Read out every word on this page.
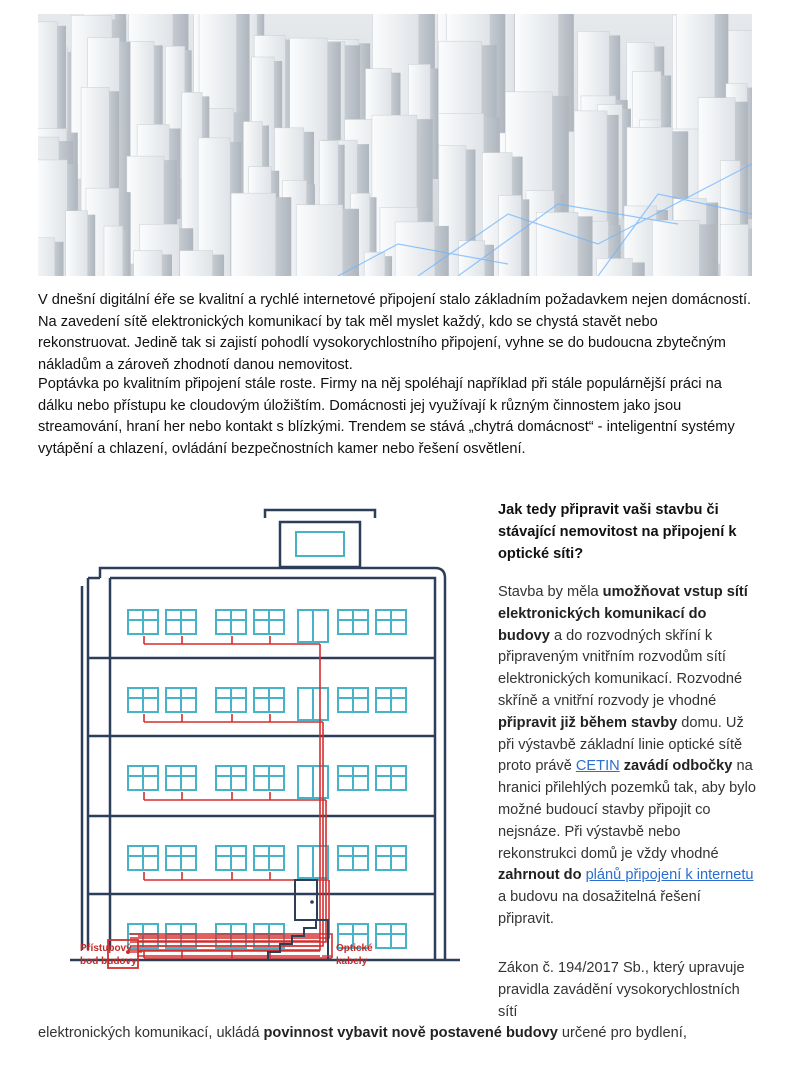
V dnešní digitální éře se kvalitní a rychlé internetové připojení stalo základním požadavkem nejen domácností. Na zavedení sítě elektronických komunikací by tak měl myslet každý, kdo se chystá stavět nebo rekonstruovat. Jedině tak si zajistí pohodlí vysokorychlostního připojení, vyhne se do budoucna zbytečným nákladům a zároveň zhodnotí danou nemovitost.

Poptávka po kvalitním připojení stále roste. Firmy na něj spoléhají například při stále populárnější práci na dálku nebo přístupu ke cloudovým úložištím. Domácnosti jej využívají k různým činnostem jako jsou streamování, hraní her nebo kontakt s blízkými. Trendem se stává „chytrá domácnost“ - inteligentní systémy vytápění a chlazení, ovládání bezpečnostních kamer nebo řešení osvětlení.

Přístupový
bod budovy
Optické
kabely

Jak tedy připravit vaši stavbu či stávající nemovitost na připojení k optické síti?

Stavba by měla umožňovat vstup sítí elektronických komunikací do budovy a do rozvodných skříní k připraveným vnitřním rozvodům sítí elektronických komunikací. Rozvodné skříně a vnitřní rozvody je vhodné připravit již během stavby domu. Už při výstavbě základní linie optické sítě proto právě CETIN zavádí odbočky na hranici přilehlých pozemků tak, aby bylo možné budoucí stavby připojit co nejsnáze. Při výstavbě nebo rekonstrukci domů je vždy vhodné zahrnout do plánů připojení k internetu a budovu na dosažitelná řešení připravit.

Zákon č. 194/2017 Sb., který upravuje pravidla zavádění vysokorychlostních sítí

elektronických komunikací, ukládá povinnost vybavit nově postavené budovy určené pro bydlení,
